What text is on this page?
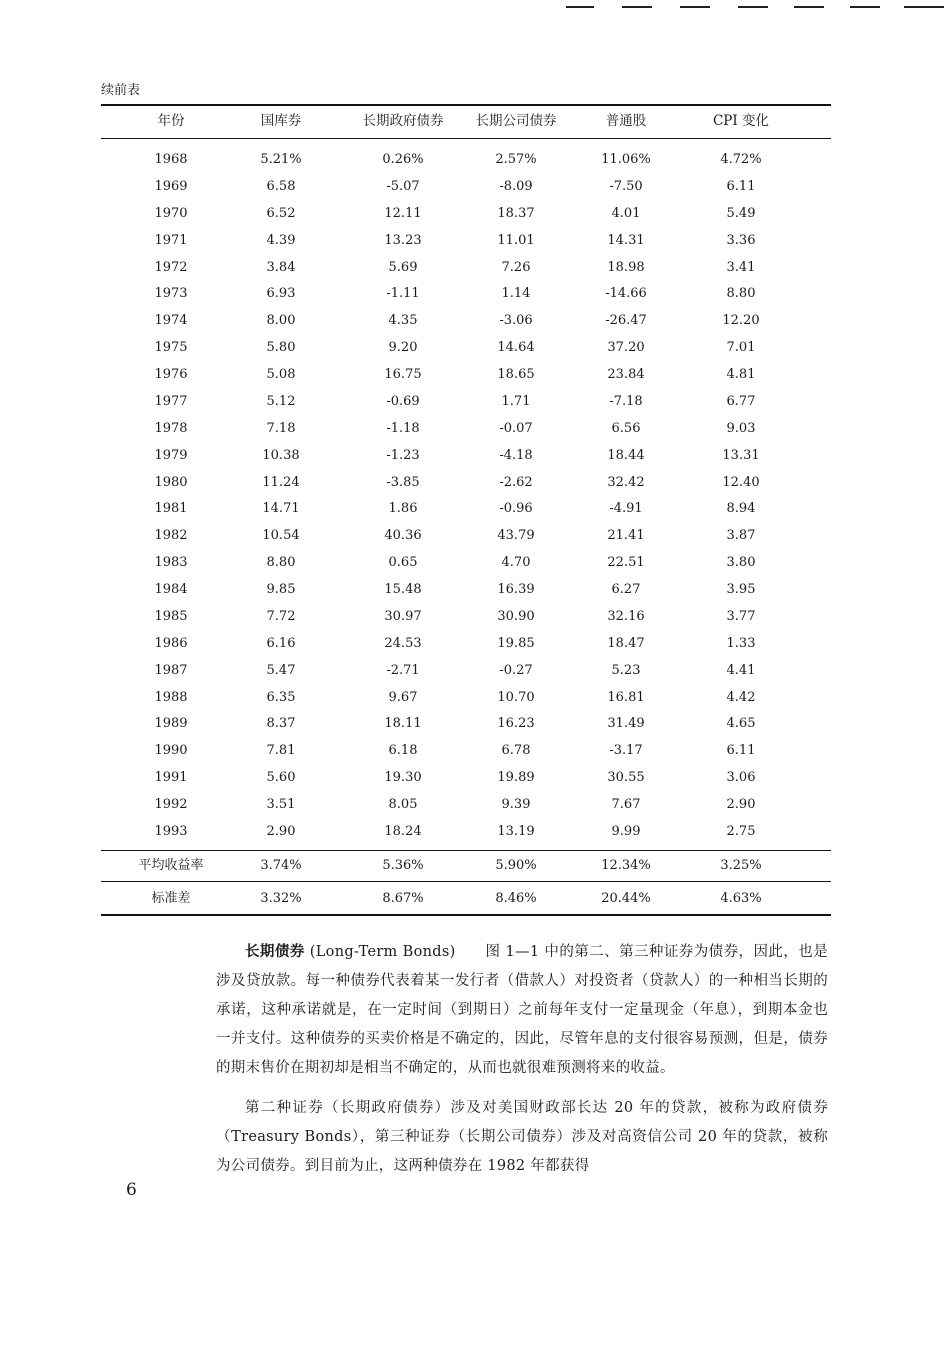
续前表
年份	国库券	长期政府债券	长期公司债券	普通股	CPI 变化
1968	5.21%	0.26%	2.57%	11.06%	4.72%
1969	6.58	-5.07	-8.09	-7.50	6.11
1970	6.52	12.11	18.37	4.01	5.49
1971	4.39	13.23	11.01	14.31	3.36
1972	3.84	5.69	7.26	18.98	3.41
1973	6.93	-1.11	1.14	-14.66	8.80
1974	8.00	4.35	-3.06	-26.47	12.20
1975	5.80	9.20	14.64	37.20	7.01
1976	5.08	16.75	18.65	23.84	4.81
1977	5.12	-0.69	1.71	-7.18	6.77
1978	7.18	-1.18	-0.07	6.56	9.03
1979	10.38	-1.23	-4.18	18.44	13.31
1980	11.24	-3.85	-2.62	32.42	12.40
1981	14.71	1.86	-0.96	-4.91	8.94
1982	10.54	40.36	43.79	21.41	3.87
1983	8.80	0.65	4.70	22.51	3.80
1984	9.85	15.48	16.39	6.27	3.95
1985	7.72	30.97	30.90	32.16	3.77
1986	6.16	24.53	19.85	18.47	1.33
1987	5.47	-2.71	-0.27	5.23	4.41
1988	6.35	9.67	10.70	16.81	4.42
1989	8.37	18.11	16.23	31.49	4.65
1990	7.81	6.18	6.78	-3.17	6.11
1991	5.60	19.30	19.89	30.55	3.06
1992	3.51	8.05	9.39	7.67	2.90
1993	2.90	18.24	13.19	9.99	2.75
平均收益率	3.74%	5.36%	5.90%	12.34%	3.25%
标准差	3.32%	8.67%	8.46%	20.44%	4.63%
长期债券 (Long-Term Bonds)　　图 1—1 中的第二、第三种证券为债券，因此，也是涉及贷放款。每一种债券代表着某一发行者（借款人）对投资者（贷款人）的一种相当长期的承诺，这种承诺就是，在一定时间（到期日）之前每年支付一定量现金（年息），到期本金也一并支付。这种债券的买卖价格是不确定的，因此，尽管年息的支付很容易预测，但是，债券的期末售价在期初却是相当不确定的，从而也就很难预测将来的收益。
第二种证券（长期政府债券）涉及对美国财政部长达 20 年的贷款，被称为政府债券（Treasury Bonds），第三种证券（长期公司债券）涉及对高资信公司 20 年的贷款，被称为公司债券。到目前为止，这两种债券在 1982 年都获得
6
